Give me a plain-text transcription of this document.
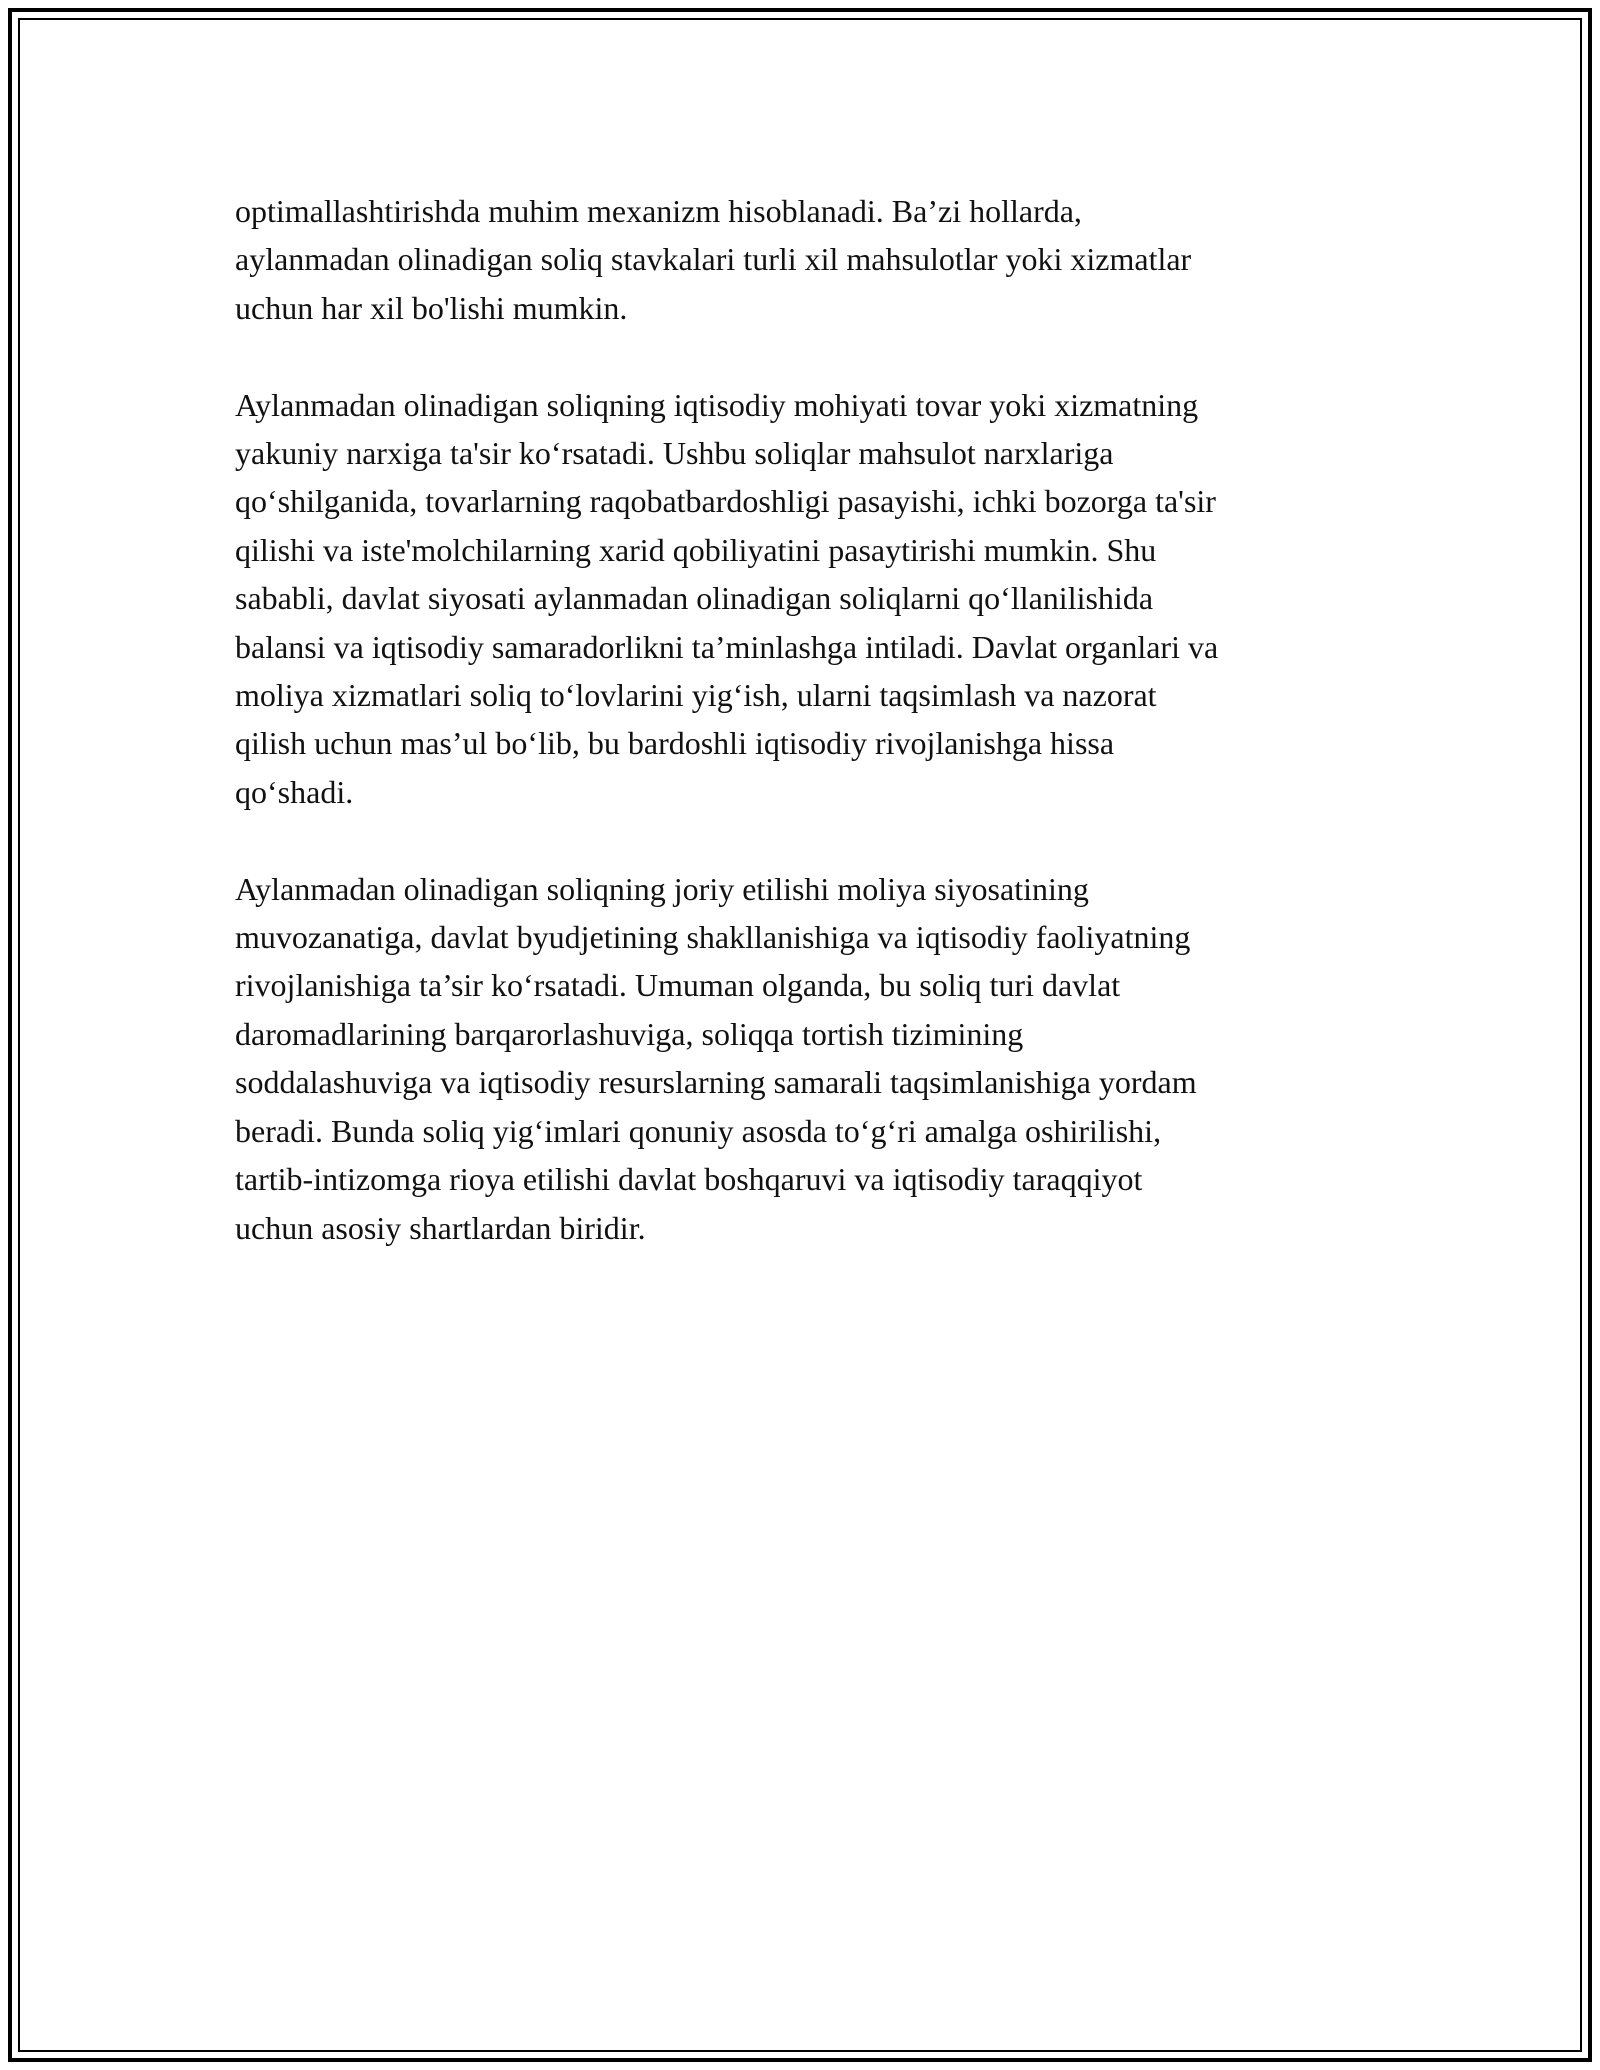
optimallashtirishda muhim mexanizm hisoblanadi. Ba’zi hollarda,
aylanmadan olinadigan soliq stavkalari turli xil mahsulotlar yoki xizmatlar
uchun har xil bo'lishi mumkin.

Aylanmadan olinadigan soliqning iqtisodiy mohiyati tovar yoki xizmatning
yakuniy narxiga ta'sir ko‘rsatadi. Ushbu soliqlar mahsulot narxlariga
qo‘shilganida, tovarlarning raqobatbardoshligi pasayishi, ichki bozorga ta'sir
qilishi va iste'molchilarning xarid qobiliyatini pasaytirishi mumkin. Shu
sababli, davlat siyosati aylanmadan olinadigan soliqlarni qo‘llanilishida
balansi va iqtisodiy samaradorlikni ta’minlashga intiladi. Davlat organlari va
moliya xizmatlari soliq to‘lovlarini yig‘ish, ularni taqsimlash va nazorat
qilish uchun mas’ul bo‘lib, bu bardoshli iqtisodiy rivojlanishga hissa
qo‘shadi.

Aylanmadan olinadigan soliqning joriy etilishi moliya siyosatining
muvozanatiga, davlat byudjetining shakllanishiga va iqtisodiy faoliyatning
rivojlanishiga ta’sir ko‘rsatadi. Umuman olganda, bu soliq turi davlat
daromadlarining barqarorlashuviga, soliqqa tortish tizimining
soddalashuviga va iqtisodiy resurslarning samarali taqsimlanishiga yordam
beradi. Bunda soliq yig‘imlari qonuniy asosda to‘g‘ri amalga oshirilishi,
tartib-intizomga rioya etilishi davlat boshqaruvi va iqtisodiy taraqqiyot
uchun asosiy shartlardan biridir.
